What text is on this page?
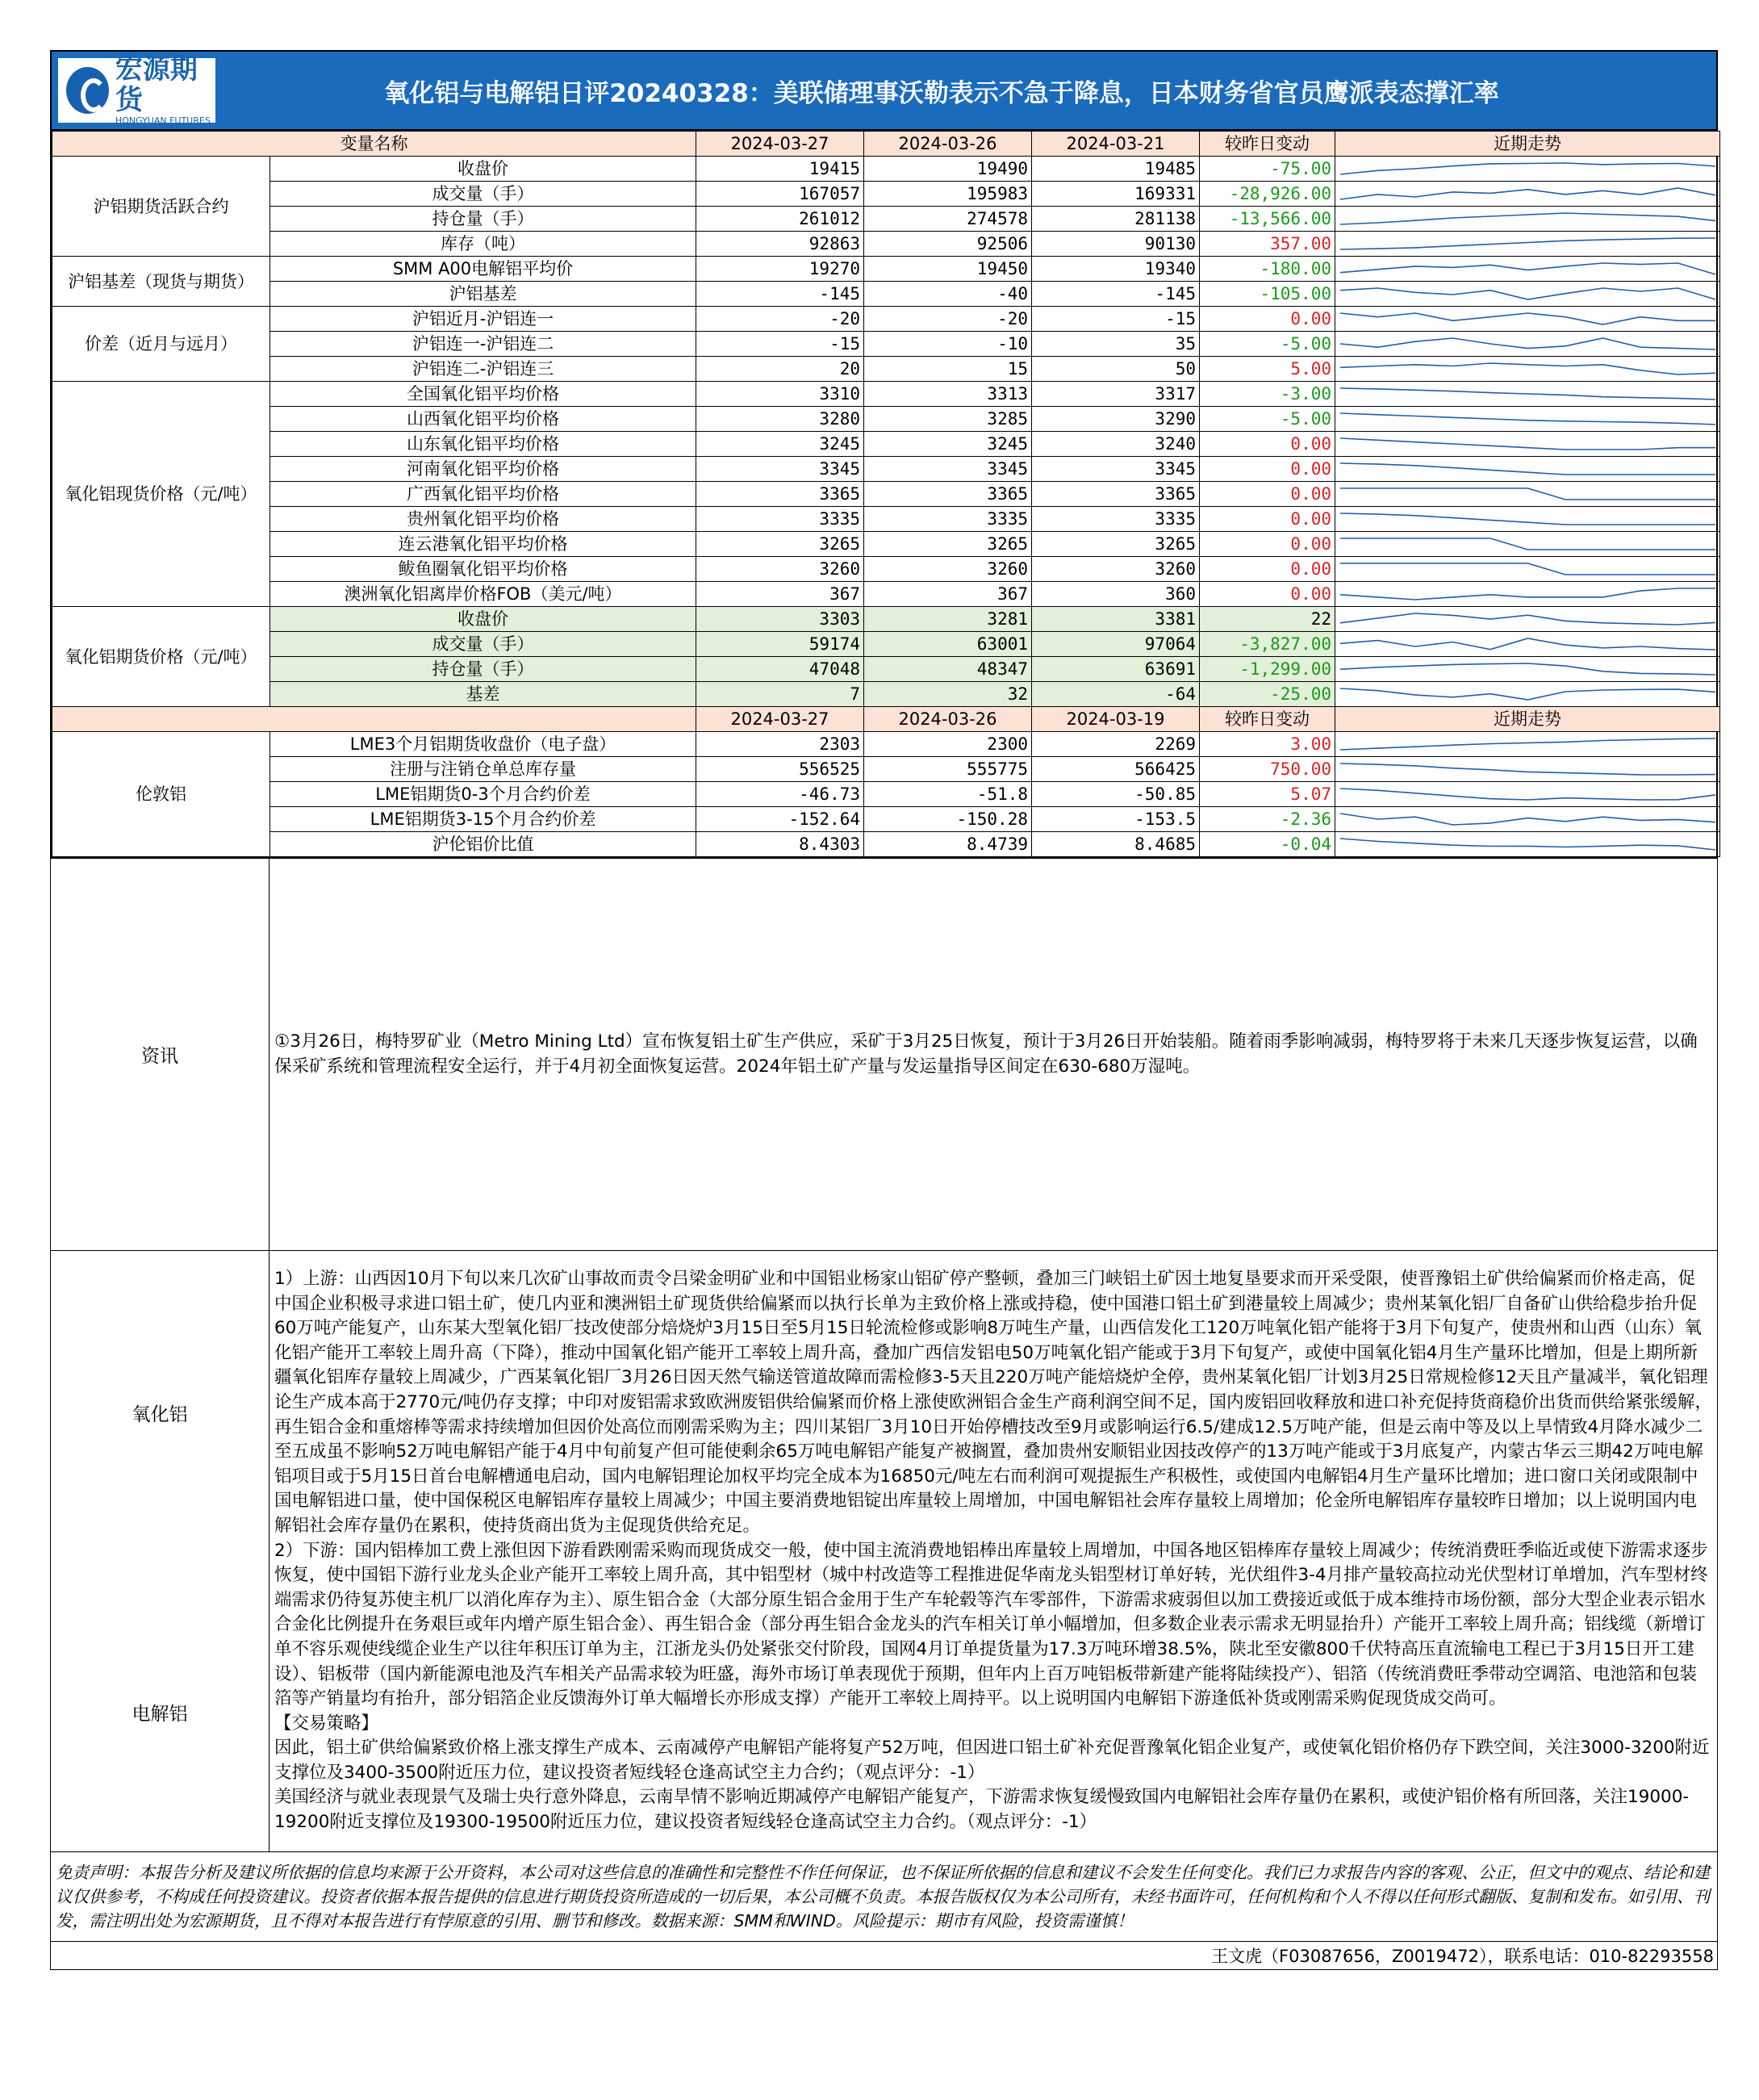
宏源期货
HONGYUAN FUTURES
氧化铝与电解铝日评20240328：美联储理事沃勒表示不急于降息，日本财务省官员鹰派表态撑汇率
变量名称		2024-03-27	2024-03-26	2024-03-21	较昨日变动	近期走势
沪铝期货活跃合约	收盘价	19415	19490	19485	-75.00	

	成交量（手）	167057	195983	169331	-28,926.00	

	持仓量（手）	261012	274578	281138	-13,566.00	

	库存（吨）	92863	92506	90130	357.00	

沪铝基差（现货与期货）	SMM A00电解铝平均价	19270	19450	19340	-180.00	

	沪铝基差	-145	-40	-145	-105.00	

价差（近月与远月）	沪铝近月-沪铝连一	-20	-20	-15	0.00	

	沪铝连一-沪铝连二	-15	-10	35	-5.00	

	沪铝连二-沪铝连三	20	15	50	5.00	

氧化铝现货价格（元/吨）	全国氧化铝平均价格	3310	3313	3317	-3.00	

	山西氧化铝平均价格	3280	3285	3290	-5.00	

	山东氧化铝平均价格	3245	3245	3240	0.00	

	河南氧化铝平均价格	3345	3345	3345	0.00	

	广西氧化铝平均价格	3365	3365	3365	0.00	

	贵州氧化铝平均价格	3335	3335	3335	0.00	

	连云港氧化铝平均价格	3265	3265	3265	0.00	

	鲅鱼圈氧化铝平均价格	3260	3260	3260	0.00	

	澳洲氧化铝离岸价格FOB（美元/吨）	367	367	360	0.00	

氧化铝期货价格（元/吨）	收盘价	3303	3281	3381	22	

	成交量（手）	59174	63001	97064	-3,827.00	

	持仓量（手）	47048	48347	63691	-1,299.00	

	基差	7	32	-64	-25.00	

		2024-03-27	2024-03-26	2024-03-19	较昨日变动	近期走势
伦敦铝	LME3个月铝期货收盘价（电子盘）	2303	2300	2269	3.00	

	注册与注销仓单总库存量	556525	555775	566425	750.00	

	LME铝期货0-3个月合约价差	-46.73	-51.8	-50.85	5.07	

	LME铝期货3-15个月合约价差	-152.64	-150.28	-153.5	-2.36	

	沪伦铝价比值	8.4303	8.4739	8.4685	-0.04	
资讯
①3月26日，梅特罗矿业（Metro Mining Ltd）宣布恢复铝土矿生产供应，采矿于3月25日恢复，预计于3月26日开始装船。随着雨季影响减弱，梅特罗将于未来几天逐步恢复运营，以确保采矿系统和管理流程安全运行，并于4月初全面恢复运营。2024年铝土矿产量与发运量指导区间定在630-680万湿吨。
氧化铝
电解铝
1）上游：山西因10月下旬以来几次矿山事故而责令吕梁金明矿业和中国铝业杨家山铝矿停产整顿，叠加三门峡铝土矿因土地复垦要求而开采受限，使晋豫铝土矿供给偏紧而价格走高，促中国企业积极寻求进口铝土矿，使几内亚和澳洲铝土矿现货供给偏紧而以执行长单为主致价格上涨或持稳，使中国港口铝土矿到港量较上周减少；贵州某氧化铝厂自备矿山供给稳步抬升促60万吨产能复产，山东某大型氧化铝厂技改使部分焙烧炉3月15日至5月15日轮流检修或影响8万吨生产量，山西信发化工120万吨氧化铝产能将于3月下旬复产，使贵州和山西（山东）氧化铝产能开工率较上周升高（下降），推动中国氧化铝产能开工率较上周升高，叠加广西信发铝电50万吨氧化铝产能或于3月下旬复产，或使中国氧化铝4月生产量环比增加，但是上期所新疆氧化铝库存量较上周减少，广西某氧化铝厂3月26日因天然气输送管道故障而需检修3-5天且220万吨产能焙烧炉全停，贵州某氧化铝厂计划3月25日常规检修12天且产量减半，氧化铝理论生产成本高于2770元/吨仍存支撑；中印对废铝需求致欧洲废铝供给偏紧而价格上涨使欧洲铝合金生产商利润空间不足，国内废铝回收释放和进口补充促持货商稳价出货而供给紧张缓解，再生铝合金和重熔棒等需求持续增加但因价处高位而刚需采购为主；四川某铝厂3月10日开始停槽技改至9月或影响运行6.5/建成12.5万吨产能，但是云南中等及以上旱情致4月降水减少二至五成虽不影响52万吨电解铝产能于4月中旬前复产但可能使剩余65万吨电解铝产能复产被搁置，叠加贵州安顺铝业因技改停产的13万吨产能或于3月底复产，内蒙古华云三期42万吨电解铝项目或于5月15日首台电解槽通电启动，国内电解铝理论加权平均完全成本为16850元/吨左右而利润可观提振生产积极性，或使国内电解铝4月生产量环比增加；进口窗口关闭或限制中国电解铝进口量，使中国保税区电解铝库存量较上周减少；中国主要消费地铝锭出库量较上周增加，中国电解铝社会库存量较上周增加；伦金所电解铝库存量较昨日增加；以上说明国内电解铝社会库存量仍在累积，使持货商出货为主促现货供给充足。
2）下游：国内铝棒加工费上涨但因下游看跌刚需采购而现货成交一般，使中国主流消费地铝棒出库量较上周增加，中国各地区铝棒库存量较上周减少；传统消费旺季临近或使下游需求逐步恢复，使中国铝下游行业龙头企业产能开工率较上周升高，其中铝型材（城中村改造等工程推进促华南龙头铝型材订单好转，光伏组件3-4月排产量较高拉动光伏型材订单增加，汽车型材终端需求仍待复苏使主机厂以消化库存为主）、原生铝合金（大部分原生铝合金用于生产车轮毂等汽车零部件，下游需求疲弱但以加工费接近或低于成本维持市场份额，部分大型企业表示铝水合金化比例提升在务艰巨或年内增产原生铝合金）、再生铝合金（部分再生铝合金龙头的汽车相关订单小幅增加，但多数企业表示需求无明显抬升）产能开工率较上周升高；铝线缆（新增订单不容乐观使线缆企业生产以往年积压订单为主，江浙龙头仍处紧张交付阶段，国网4月订单提货量为17.3万吨环增38.5%，陕北至安徽800千伏特高压直流输电工程已于3月15日开工建设）、铝板带（国内新能源电池及汽车相关产品需求较为旺盛，海外市场订单表现优于预期，但年内上百万吨铝板带新建产能将陆续投产）、铝箔（传统消费旺季带动空调箔、电池箔和包装箔等产销量均有抬升，部分铝箔企业反馈海外订单大幅增长亦形成支撑）产能开工率较上周持平。以上说明国内电解铝下游逢低补货或刚需采购促现货成交尚可。
【交易策略】
因此，铝土矿供给偏紧致价格上涨支撑生产成本、云南减停产电解铝产能将复产52万吨，但因进口铝土矿补充促晋豫氧化铝企业复产，或使氧化铝价格仍存下跌空间，关注3000-3200附近支撑位及3400-3500附近压力位，建议投资者短线轻仓逢高试空主力合约；（观点评分：-1）
美国经济与就业表现景气及瑞士央行意外降息，云南旱情不影响近期减停产电解铝产能复产，下游需求恢复缓慢致国内电解铝社会库存量仍在累积，或使沪铝价格有所回落，关注19000-19200附近支撑位及19300-19500附近压力位，建议投资者短线轻仓逢高试空主力合约。（观点评分：-1）
免责声明：本报告分析及建议所依据的信息均来源于公开资料，本公司对这些信息的准确性和完整性不作任何保证，也不保证所依据的信息和建议不会发生任何变化。我们已力求报告内容的客观、公正，但文中的观点、结论和建议仅供参考，不构成任何投资建议。投资者依据本报告提供的信息进行期货投资所造成的一切后果，本公司概不负责。本报告版权仅为本公司所有，未经书面许可，任何机构和个人不得以任何形式翻版、复制和发布。如引用、刊发，需注明出处为宏源期货，且不得对本报告进行有悖原意的引用、删节和修改。数据来源：SMM和WIND。风险提示：期市有风险，投资需谨慎！
王文虎（F03087656，Z0019472），联系电话：010-82293558
